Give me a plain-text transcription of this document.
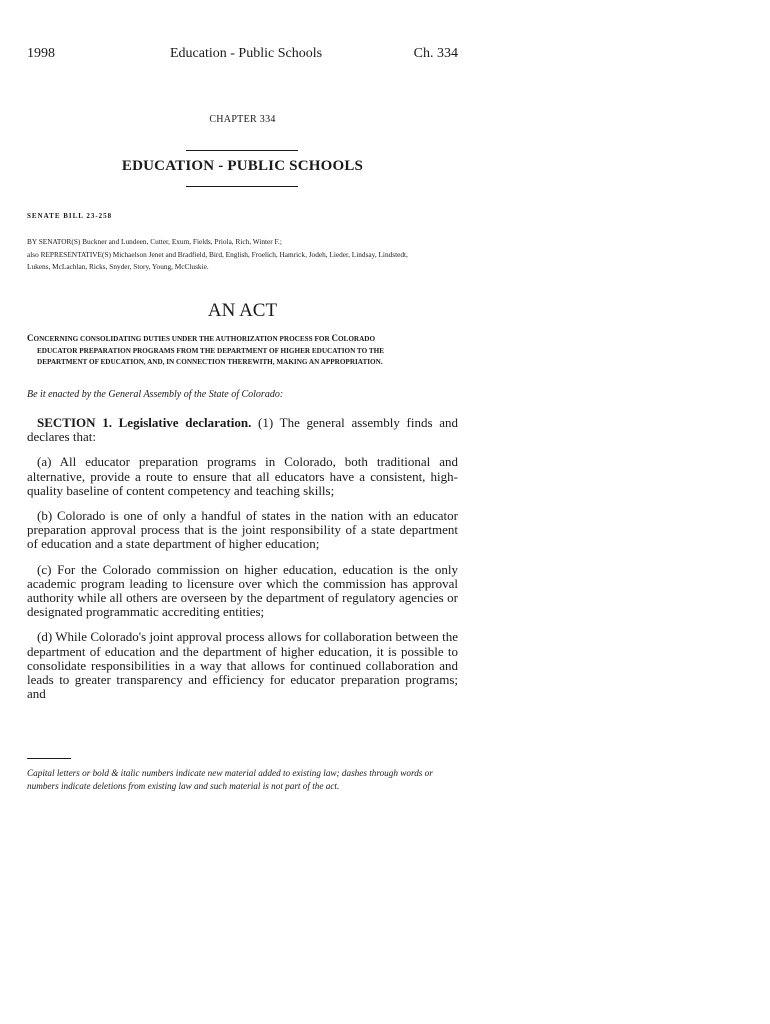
1998	Education - Public Schools	Ch. 334
CHAPTER 334
EDUCATION - PUBLIC SCHOOLS
SENATE BILL 23-258
BY SENATOR(S) Buckner and Lundeen, Cutter, Exum, Fields, Priola, Rich, Winter F.;
also REPRESENTATIVE(S) Michaelson Jenet and Bradfield, Bird, English, Froelich, Hamrick, Jodeh, Lieder, Lindsay, Lindstedt,
Lukens, McLachlan, Ricks, Snyder, Story, Young, McCluskie.
AN ACT
CONCERNING CONSOLIDATING DUTIES UNDER THE AUTHORIZATION PROCESS FOR COLORADO
EDUCATOR PREPARATION PROGRAMS FROM THE DEPARTMENT OF HIGHER EDUCATION TO THE
DEPARTMENT OF EDUCATION, AND, IN CONNECTION THEREWITH, MAKING AN APPROPRIATION.
Be it enacted by the General Assembly of the State of Colorado:

SECTION 1. Legislative declaration. (1) The general assembly finds and declares that:

(a) All educator preparation programs in Colorado, both traditional and alternative, provide a route to ensure that all educators have a consistent, high-quality baseline of content competency and teaching skills;

(b) Colorado is one of only a handful of states in the nation with an educator preparation approval process that is the joint responsibility of a state department of education and a state department of higher education;

(c) For the Colorado commission on higher education, education is the only academic program leading to licensure over which the commission has approval authority while all others are overseen by the department of regulatory agencies or designated programmatic accrediting entities;

(d) While Colorado's joint approval process allows for collaboration between the department of education and the department of higher education, it is possible to consolidate responsibilities in a way that allows for continued collaboration and leads to greater transparency and efficiency for educator preparation programs; and

Capital letters or bold & italic numbers indicate new material added to existing law; dashes through words or numbers indicate deletions from existing law and such material is not part of the act.
